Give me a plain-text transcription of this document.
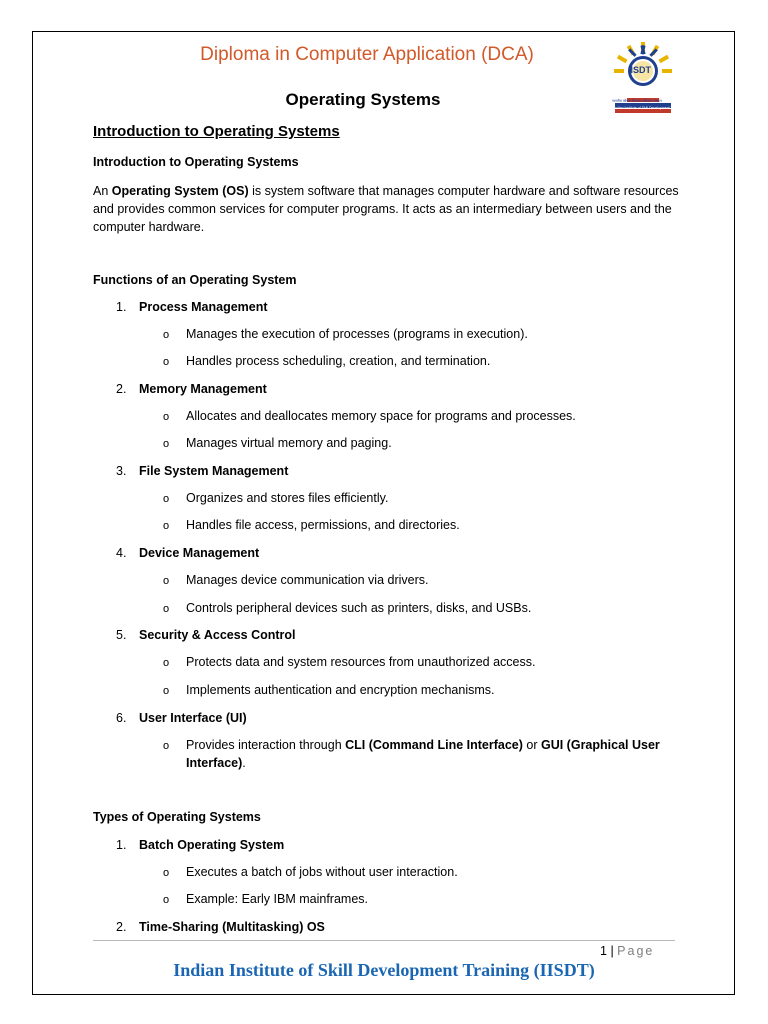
Diploma in Computer Application (DCA)
IISDT
भारतीय कौशल विकास प्रशिक्षण संस्थान
Indian Institute of Skill Development Training
Operating Systems
Introduction to Operating Systems
Introduction to Operating Systems
An Operating System (OS) is system software that manages computer hardware and software resources and provides common services for computer programs. It acts as an intermediary between users and the computer hardware.
Functions of an Operating System
1. Process Management
o Manages the execution of processes (programs in execution).
o Handles process scheduling, creation, and termination.
2. Memory Management
o Allocates and deallocates memory space for programs and processes.
o Manages virtual memory and paging.
3. File System Management
o Organizes and stores files efficiently.
o Handles file access, permissions, and directories.
4. Device Management
o Manages device communication via drivers.
o Controls peripheral devices such as printers, disks, and USBs.
5. Security & Access Control
o Protects data and system resources from unauthorized access.
o Implements authentication and encryption mechanisms.
6. User Interface (UI)
o Provides interaction through CLI (Command Line Interface) or GUI (Graphical User
Interface).
Types of Operating Systems
1. Batch Operating System
o Executes a batch of jobs without user interaction.
o Example: Early IBM mainframes.
2. Time-Sharing (Multitasking) OS
1 | Page
Indian Institute of Skill Development Training (IISDT)
